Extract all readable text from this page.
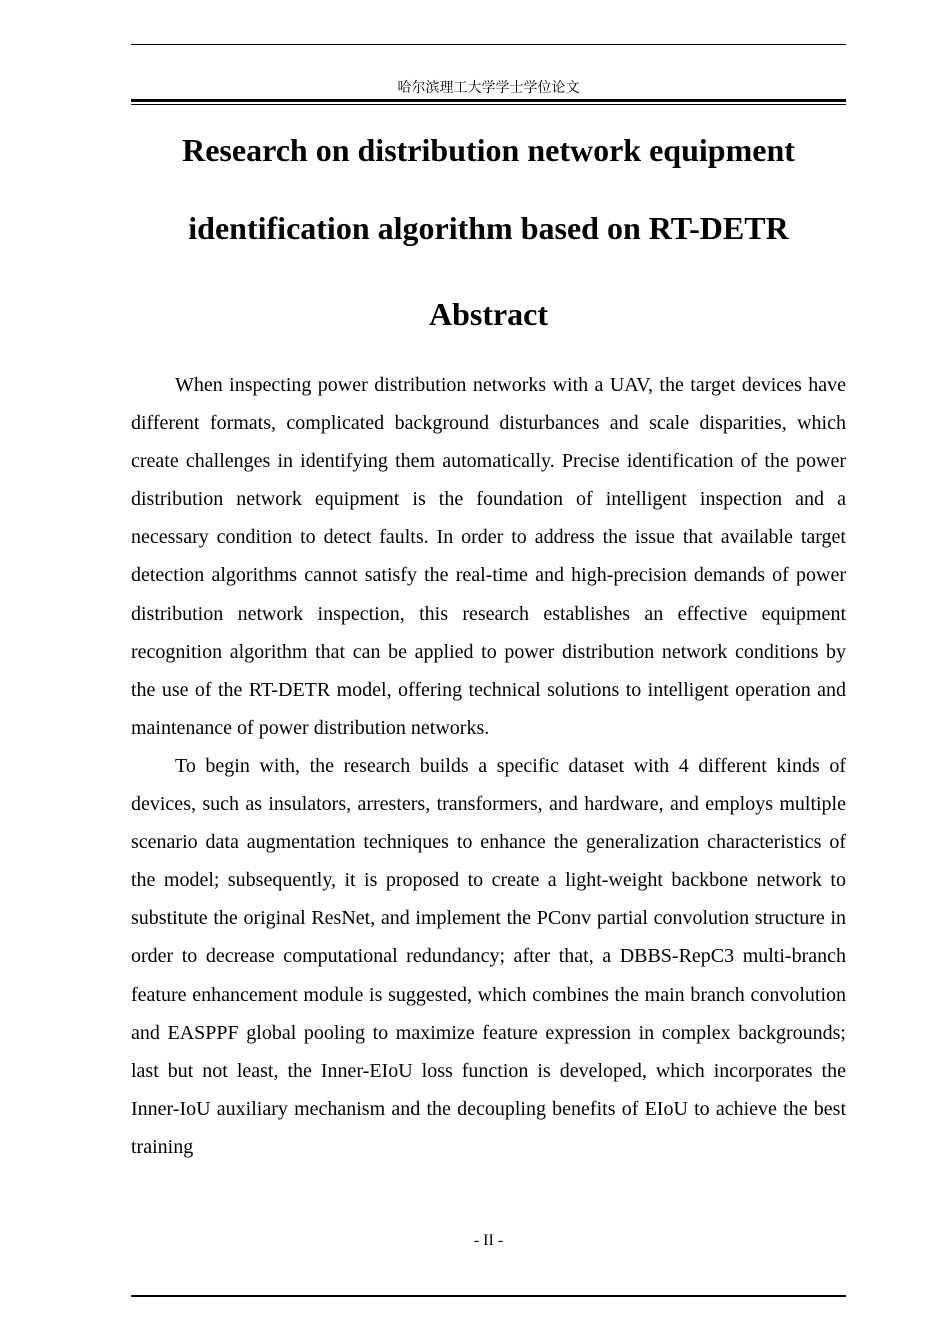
哈尔滨理工大学学士学位论文
Research on distribution network equipment
identification algorithm based on RT-DETR
Abstract

When inspecting power distribution networks with a UAV, the target devices have different formats, complicated background disturbances and scale disparities, which create challenges in identifying them automatically. Precise identification of the power distribution network equipment is the foundation of intelligent inspection and a necessary condition to detect faults. In order to address the issue that available target detection algorithms cannot satisfy the real-time and high-precision demands of power distribution network inspection, this research establishes an effective equipment recognition algorithm that can be applied to power distribution network conditions by the use of the RT-DETR model, offering technical solutions to intelligent operation and maintenance of power distribution networks.

To begin with, the research builds a specific dataset with 4 different kinds of devices, such as insulators, arresters, transformers, and hardware, and employs multiple scenario data augmentation techniques to enhance the generalization characteristics of the model; subsequently, it is proposed to create a light-weight backbone network to substitute the original ResNet, and implement the PConv partial convolution structure in order to decrease computational redundancy; after that, a DBBS-RepC3 multi-branch feature enhancement module is suggested, which combines the main branch convolution and EASPPF global pooling to maximize feature expression in complex backgrounds; last but not least, the Inner-EIoU loss function is developed, which incorporates the Inner-IoU auxiliary mechanism and the decoupling benefits of EIoU to achieve the best training

- II -
